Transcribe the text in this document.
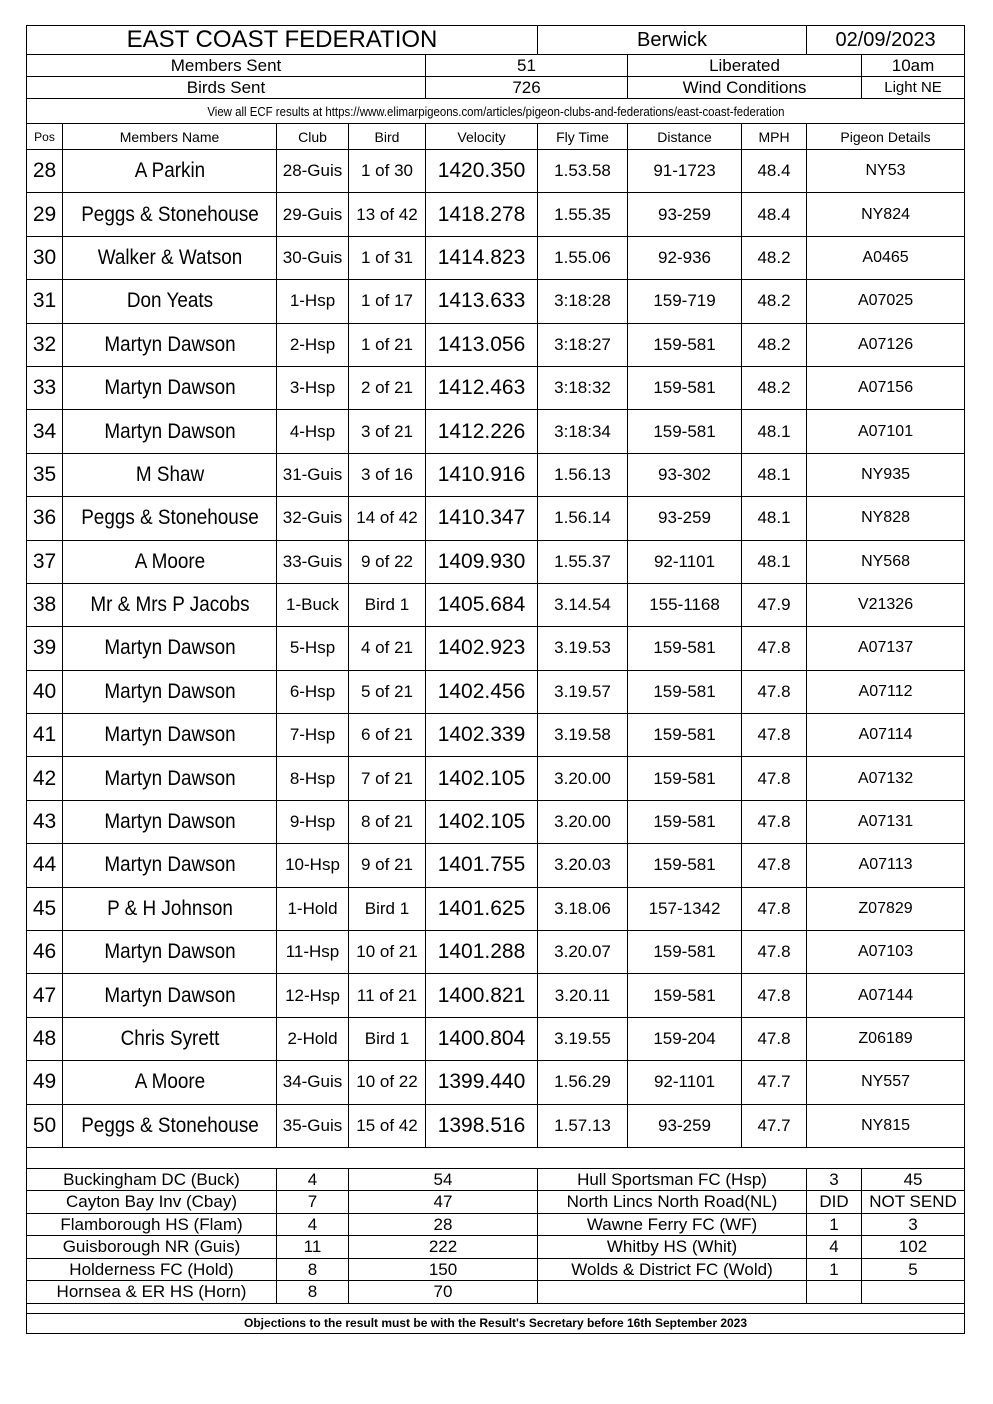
EAST COAST FEDERATION					Berwick			02/09/2023	
Members Sent				51		Liberated			10am
Birds Sent				726		Wind Conditions			Light NE
View all ECF results at https://www.elimarpigeons.com/articles/pigeon-clubs-and-federations/east-coast-federation									
Pos	Members Name	Club	Bird	Velocity	Fly Time	Distance	MPH	Pigeon Details	
28	A Parkin	28-Guis	1 of 30	1420.350	1.53.58	91-1723	48.4	NY53	
29	Peggs & Stonehouse	29-Guis	13 of 42	1418.278	1.55.35	93-259	48.4	NY824	
30	Walker & Watson	30-Guis	1 of 31	1414.823	1.55.06	92-936	48.2	A0465	
31	Don Yeats	1-Hsp	1 of 17	1413.633	3:18:28	159-719	48.2	A07025	
32	Martyn Dawson	2-Hsp	1 of 21	1413.056	3:18:27	159-581	48.2	A07126	
33	Martyn Dawson	3-Hsp	2 of 21	1412.463	3:18:32	159-581	48.2	A07156	
34	Martyn Dawson	4-Hsp	3 of 21	1412.226	3:18:34	159-581	48.1	A07101	
35	M Shaw	31-Guis	3 of 16	1410.916	1.56.13	93-302	48.1	NY935	
36	Peggs & Stonehouse	32-Guis	14 of 42	1410.347	1.56.14	93-259	48.1	NY828	
37	A Moore	33-Guis	9 of 22	1409.930	1.55.37	92-1101	48.1	NY568	
38	Mr & Mrs P Jacobs	1-Buck	Bird 1	1405.684	3.14.54	155-1168	47.9	V21326	
39	Martyn Dawson	5-Hsp	4 of 21	1402.923	3.19.53	159-581	47.8	A07137	
40	Martyn Dawson	6-Hsp	5 of 21	1402.456	3.19.57	159-581	47.8	A07112	
41	Martyn Dawson	7-Hsp	6 of 21	1402.339	3.19.58	159-581	47.8	A07114	
42	Martyn Dawson	8-Hsp	7 of 21	1402.105	3.20.00	159-581	47.8	A07132	
43	Martyn Dawson	9-Hsp	8 of 21	1402.105	3.20.00	159-581	47.8	A07131	
44	Martyn Dawson	10-Hsp	9 of 21	1401.755	3.20.03	159-581	47.8	A07113	
45	P & H Johnson	1-Hold	Bird 1	1401.625	3.18.06	157-1342	47.8	Z07829	
46	Martyn Dawson	11-Hsp	10 of 21	1401.288	3.20.07	159-581	47.8	A07103	
47	Martyn Dawson	12-Hsp	11 of 21	1400.821	3.20.11	159-581	47.8	A07144	
48	Chris Syrett	2-Hold	Bird 1	1400.804	3.19.55	159-204	47.8	Z06189	
49	A Moore	34-Guis	10 of 22	1399.440	1.56.29	92-1101	47.7	NY557	
50	Peggs & Stonehouse	35-Guis	15 of 42	1398.516	1.57.13	93-259	47.7	NY815	

Buckingham DC (Buck)		4	54		Hull Sportsman FC (Hsp)			3	45
Cayton Bay Inv (Cbay)		7	47		North Lincs North Road(NL)			DID	NOT SEND
Flamborough HS (Flam)		4	28		Wawne Ferry FC (WF)			1	3
Guisborough NR (Guis)		11	222		Whitby HS (Whit)			4	102
Holderness FC (Hold)		8	150		Wolds & District FC (Wold)			1	5
Hornsea & ER HS (Horn)		8	70						

Objections to the result must be with the Result's Secretary before 16th September 2023									
